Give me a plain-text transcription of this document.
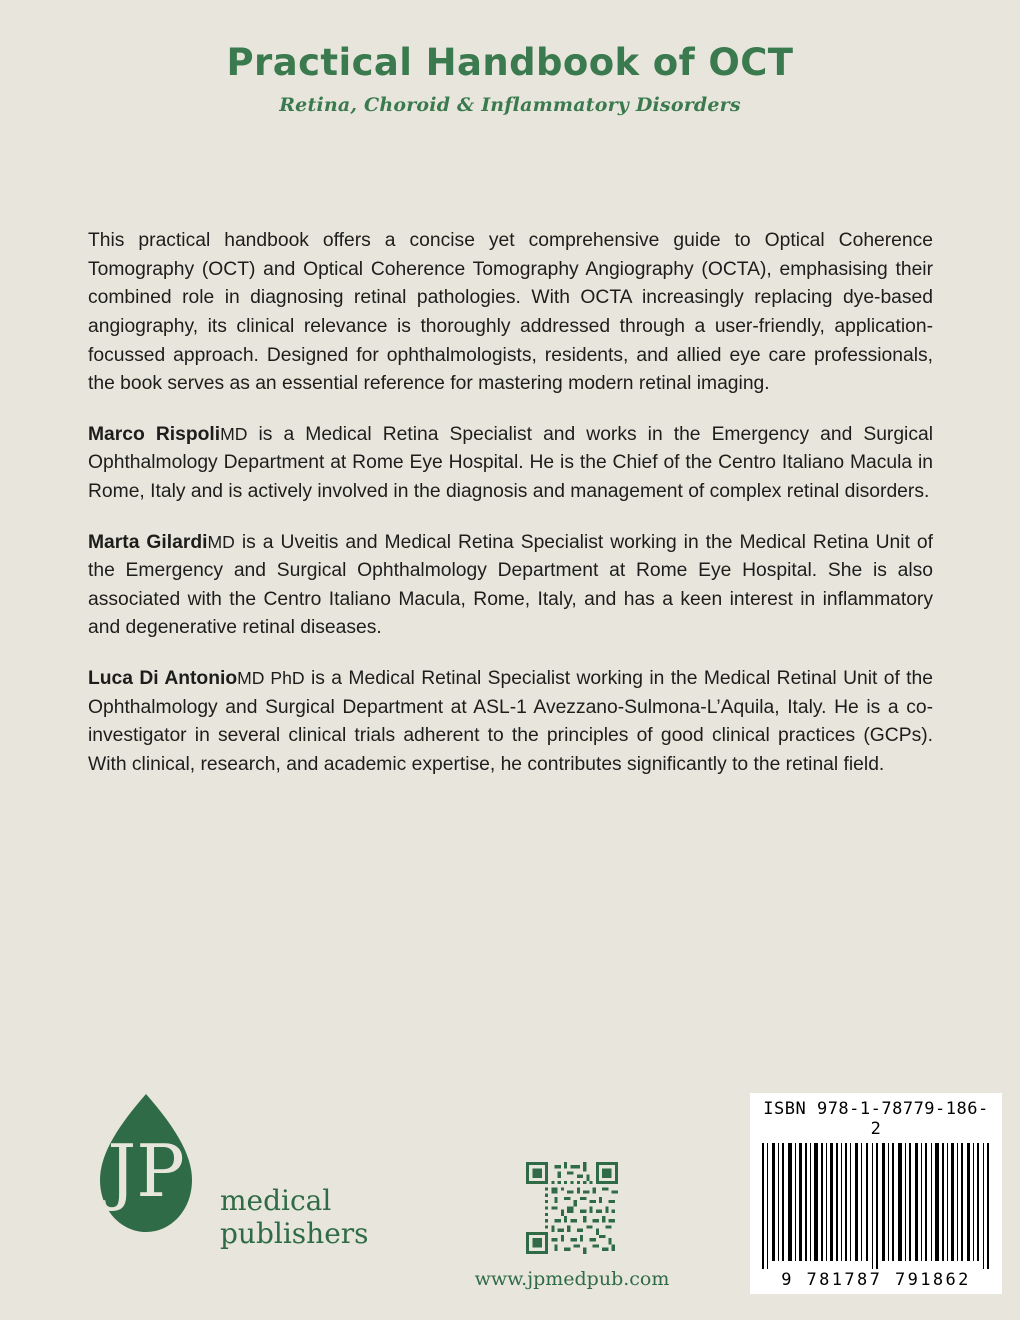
Practical Handbook of OCT
Retina, Choroid & Inflammatory Disorders

This practical handbook offers a concise yet comprehensive guide to Optical Coherence Tomography (OCT) and Optical Coherence Tomography Angiography (OCTA), emphasising their combined role in diagnosing retinal pathologies. With OCTA increasingly replacing dye-based angiography, its clinical relevance is thoroughly addressed through a user-friendly, application-focussed approach. Designed for ophthalmologists, residents, and allied eye care professionals, the book serves as an essential reference for mastering modern retinal imaging.

Marco RispoliMD is a Medical Retina Specialist and works in the Emergency and Surgical Ophthalmology Department at Rome Eye Hospital. He is the Chief of the Centro Italiano Macula in Rome, Italy and is actively involved in the diagnosis and management of complex retinal disorders.

Marta GilardiMD is a Uveitis and Medical Retina Specialist working in the Medical Retina Unit of the Emergency and Surgical Ophthalmology Department at Rome Eye Hospital. She is also associated with the Centro Italiano Macula, Rome, Italy, and has a keen interest in inflammatory and degenerative retinal diseases.

Luca Di AntonioMD PhD is a Medical Retinal Specialist working in the Medical Retinal Unit of the Ophthalmology and Surgical Department at ASL-1 Avezzano-Sulmona-L’Aquila, Italy. He is a co-investigator in several clinical trials adherent to the principles of good clinical practices (GCPs). With clinical, research, and academic expertise, he contributes significantly to the retinal field.

JP medical
publishers
www.jpmedpub.com
ISBN 978-1-78779-186-2
9 781787 791862
